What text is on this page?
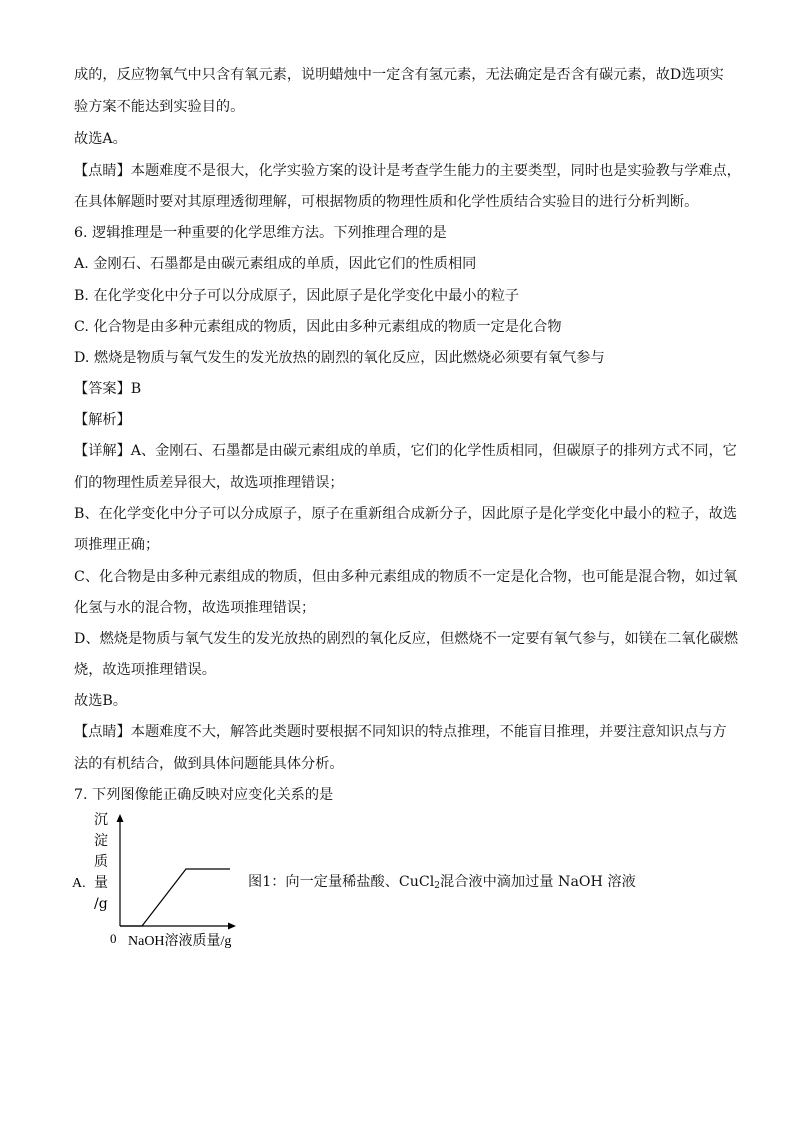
成的，反应物氧气中只含有氧元素，说明蜡烛中一定含有氢元素，无法确定是否含有碳元素，故D选项实
验方案不能达到实验目的。
故选A。
【点睛】本题难度不是很大，化学实验方案的设计是考查学生能力的主要类型，同时也是实验教与学难点，
在具体解题时要对其原理透彻理解，可根据物质的物理性质和化学性质结合实验目的进行分析判断。
6. 逻辑推理是一种重要的化学思维方法。下列推理合理的是
A. 金刚石、石墨都是由碳元素组成的单质，因此它们的性质相同
B. 在化学变化中分子可以分成原子，因此原子是化学变化中最小的粒子
C. 化合物是由多种元素组成的物质，因此由多种元素组成的物质一定是化合物
D. 燃烧是物质与氧气发生的发光放热的剧烈的氧化反应，因此燃烧必须要有氧气参与
【答案】B
【解析】
【详解】A、金刚石、石墨都是由碳元素组成的单质，它们的化学性质相同，但碳原子的排列方式不同，它
们的物理性质差异很大，故选项推理错误；
B、在化学变化中分子可以分成原子，原子在重新组合成新分子，因此原子是化学变化中最小的粒子，故选
项推理正确；
C、化合物是由多种元素组成的物质，但由多种元素组成的物质不一定是化合物，也可能是混合物，如过氧
化氢与水的混合物，故选项推理错误；
D、燃烧是物质与氧气发生的发光放热的剧烈的氧化反应，但燃烧不一定要有氧气参与，如镁在二氧化碳燃
烧，故选项推理错误。
故选B。
【点睛】本题难度不大，解答此类题时要根据不同知识的特点推理，不能盲目推理，并要注意知识点与方
法的有机结合，做到具体问题能具体分析。
7. 下列图像能正确反映对应变化关系的是
A.
沉
淀
质
量
/g
0 NaOH溶液质量/g
图1：向一定量稀盐酸、CuCl$_2$混合液中滴加过量 NaOH 溶液
